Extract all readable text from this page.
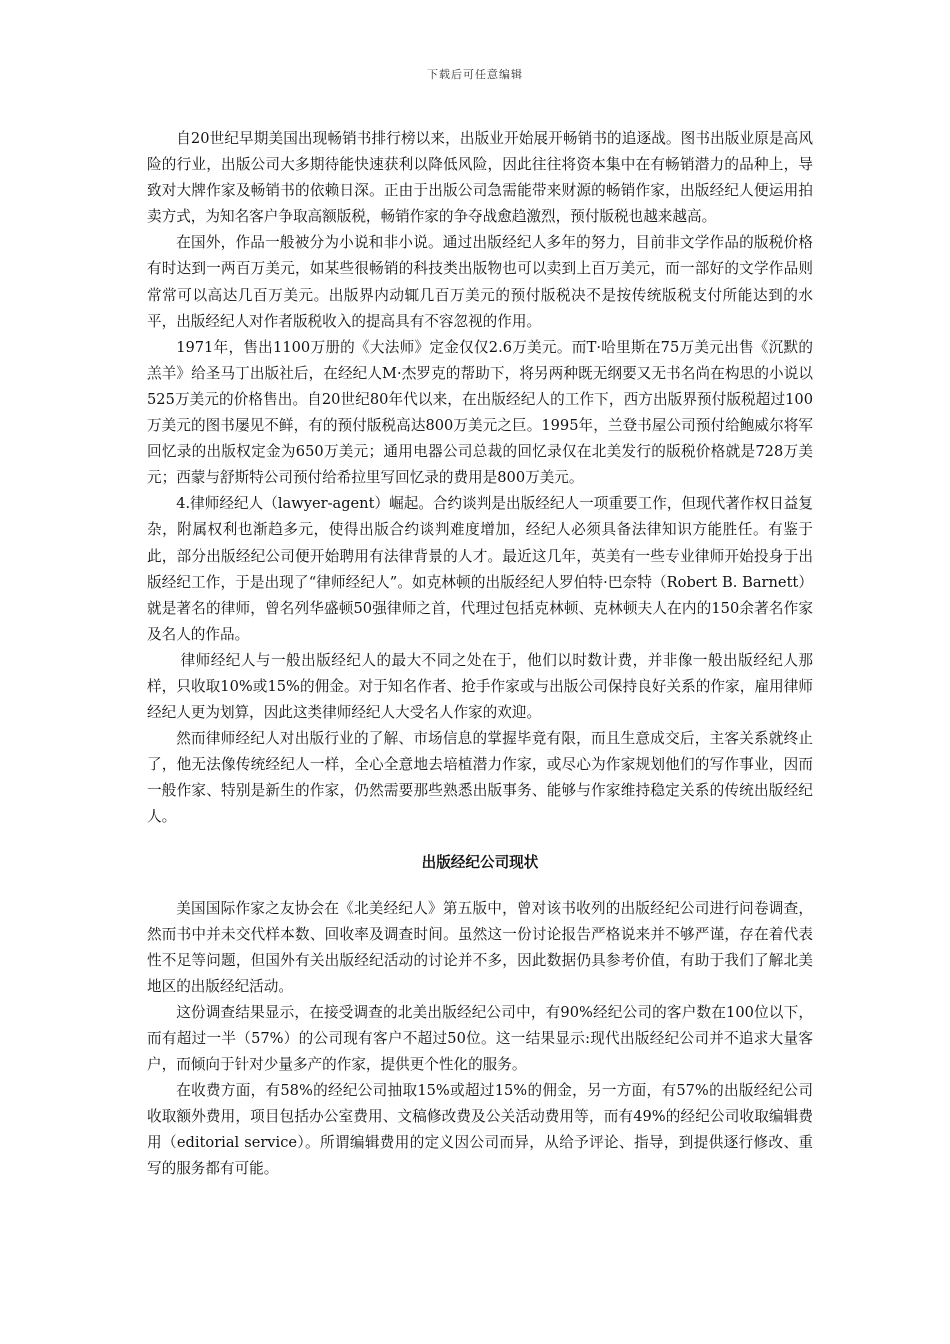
下载后可任意编辑

自20世纪早期美国出现畅销书排行榜以来，出版业开始展开畅销书的追逐战。图书出版业原是高风险的行业，出版公司大多期待能快速获利以降低风险，因此往往将资本集中在有畅销潜力的品种上，导致对大牌作家及畅销书的依赖日深。正由于出版公司急需能带来财源的畅销作家，出版经纪人便运用拍卖方式，为知名客户争取高额版税，畅销作家的争夺战愈趋激烈，预付版税也越来越高。

在国外，作品一般被分为小说和非小说。通过出版经纪人多年的努力，目前非文学作品的版税价格有时达到一两百万美元，如某些很畅销的科技类出版物也可以卖到上百万美元，而一部好的文学作品则常常可以高达几百万美元。出版界内动辄几百万美元的预付版税决不是按传统版税支付所能达到的水平，出版经纪人对作者版税收入的提高具有不容忽视的作用。

1971年，售出1100万册的《大法师》定金仅仅2.6万美元。而T·哈里斯在75万美元出售《沉默的羔羊》给圣马丁出版社后，在经纪人M·杰罗克的帮助下，将另两种既无纲要又无书名尚在构思的小说以525万美元的价格售出。自20世纪80年代以来，在出版经纪人的工作下，西方出版界预付版税超过100万美元的图书屡见不鲜，有的预付版税高达800万美元之巨。1995年，兰登书屋公司预付给鲍威尔将军回忆录的出版权定金为650万美元；通用电器公司总裁的回忆录仅在北美发行的版税价格就是728万美元；西蒙与舒斯特公司预付给希拉里写回忆录的费用是800万美元。

4.律师经纪人（lawyer-agent）崛起。合约谈判是出版经纪人一项重要工作，但现代著作权日益复杂，附属权利也渐趋多元，使得出版合约谈判难度增加，经纪人必须具备法律知识方能胜任。有鉴于此，部分出版经纪公司便开始聘用有法律背景的人才。最近这几年，英美有一些专业律师开始投身于出版经纪工作，于是出现了“律师经纪人”。如克林顿的出版经纪人罗伯特·巴奈特（Robert B. Barnett）就是著名的律师，曾名列华盛顿50强律师之首，代理过包括克林顿、克林顿夫人在内的150余著名作家及名人的作品。

律师经纪人与一般出版经纪人的最大不同之处在于，他们以时数计费，并非像一般出版经纪人那样，只收取10%或15%的佣金。对于知名作者、抢手作家或与出版公司保持良好关系的作家，雇用律师经纪人更为划算，因此这类律师经纪人大受名人作家的欢迎。

然而律师经纪人对出版行业的了解、市场信息的掌握毕竟有限，而且生意成交后，主客关系就终止了，他无法像传统经纪人一样，全心全意地去培植潜力作家，或尽心为作家规划他们的写作事业，因而一般作家、特别是新生的作家，仍然需要那些熟悉出版事务、能够与作家维持稳定关系的传统出版经纪人。

出版经纪公司现状

美国国际作家之友协会在《北美经纪人》第五版中，曾对该书收列的出版经纪公司进行问卷调查，然而书中并未交代样本数、回收率及调查时间。虽然这一份讨论报告严格说来并不够严谨，存在着代表性不足等问题，但国外有关出版经纪活动的讨论并不多，因此数据仍具参考价值，有助于我们了解北美地区的出版经纪活动。

这份调查结果显示，在接受调查的北美出版经纪公司中，有90%经纪公司的客户数在100位以下，而有超过一半（57%）的公司现有客户不超过50位。这一结果显示:现代出版经纪公司并不追求大量客户，而倾向于针对少量多产的作家，提供更个性化的服务。

在收费方面，有58%的经纪公司抽取15%或超过15%的佣金，另一方面，有57%的出版经纪公司收取额外费用，项目包括办公室费用、文稿修改费及公关活动费用等，而有49%的经纪公司收取编辑费用（editorial service）。所谓编辑费用的定义因公司而异，从给予评论、指导，到提供逐行修改、重写的服务都有可能。
